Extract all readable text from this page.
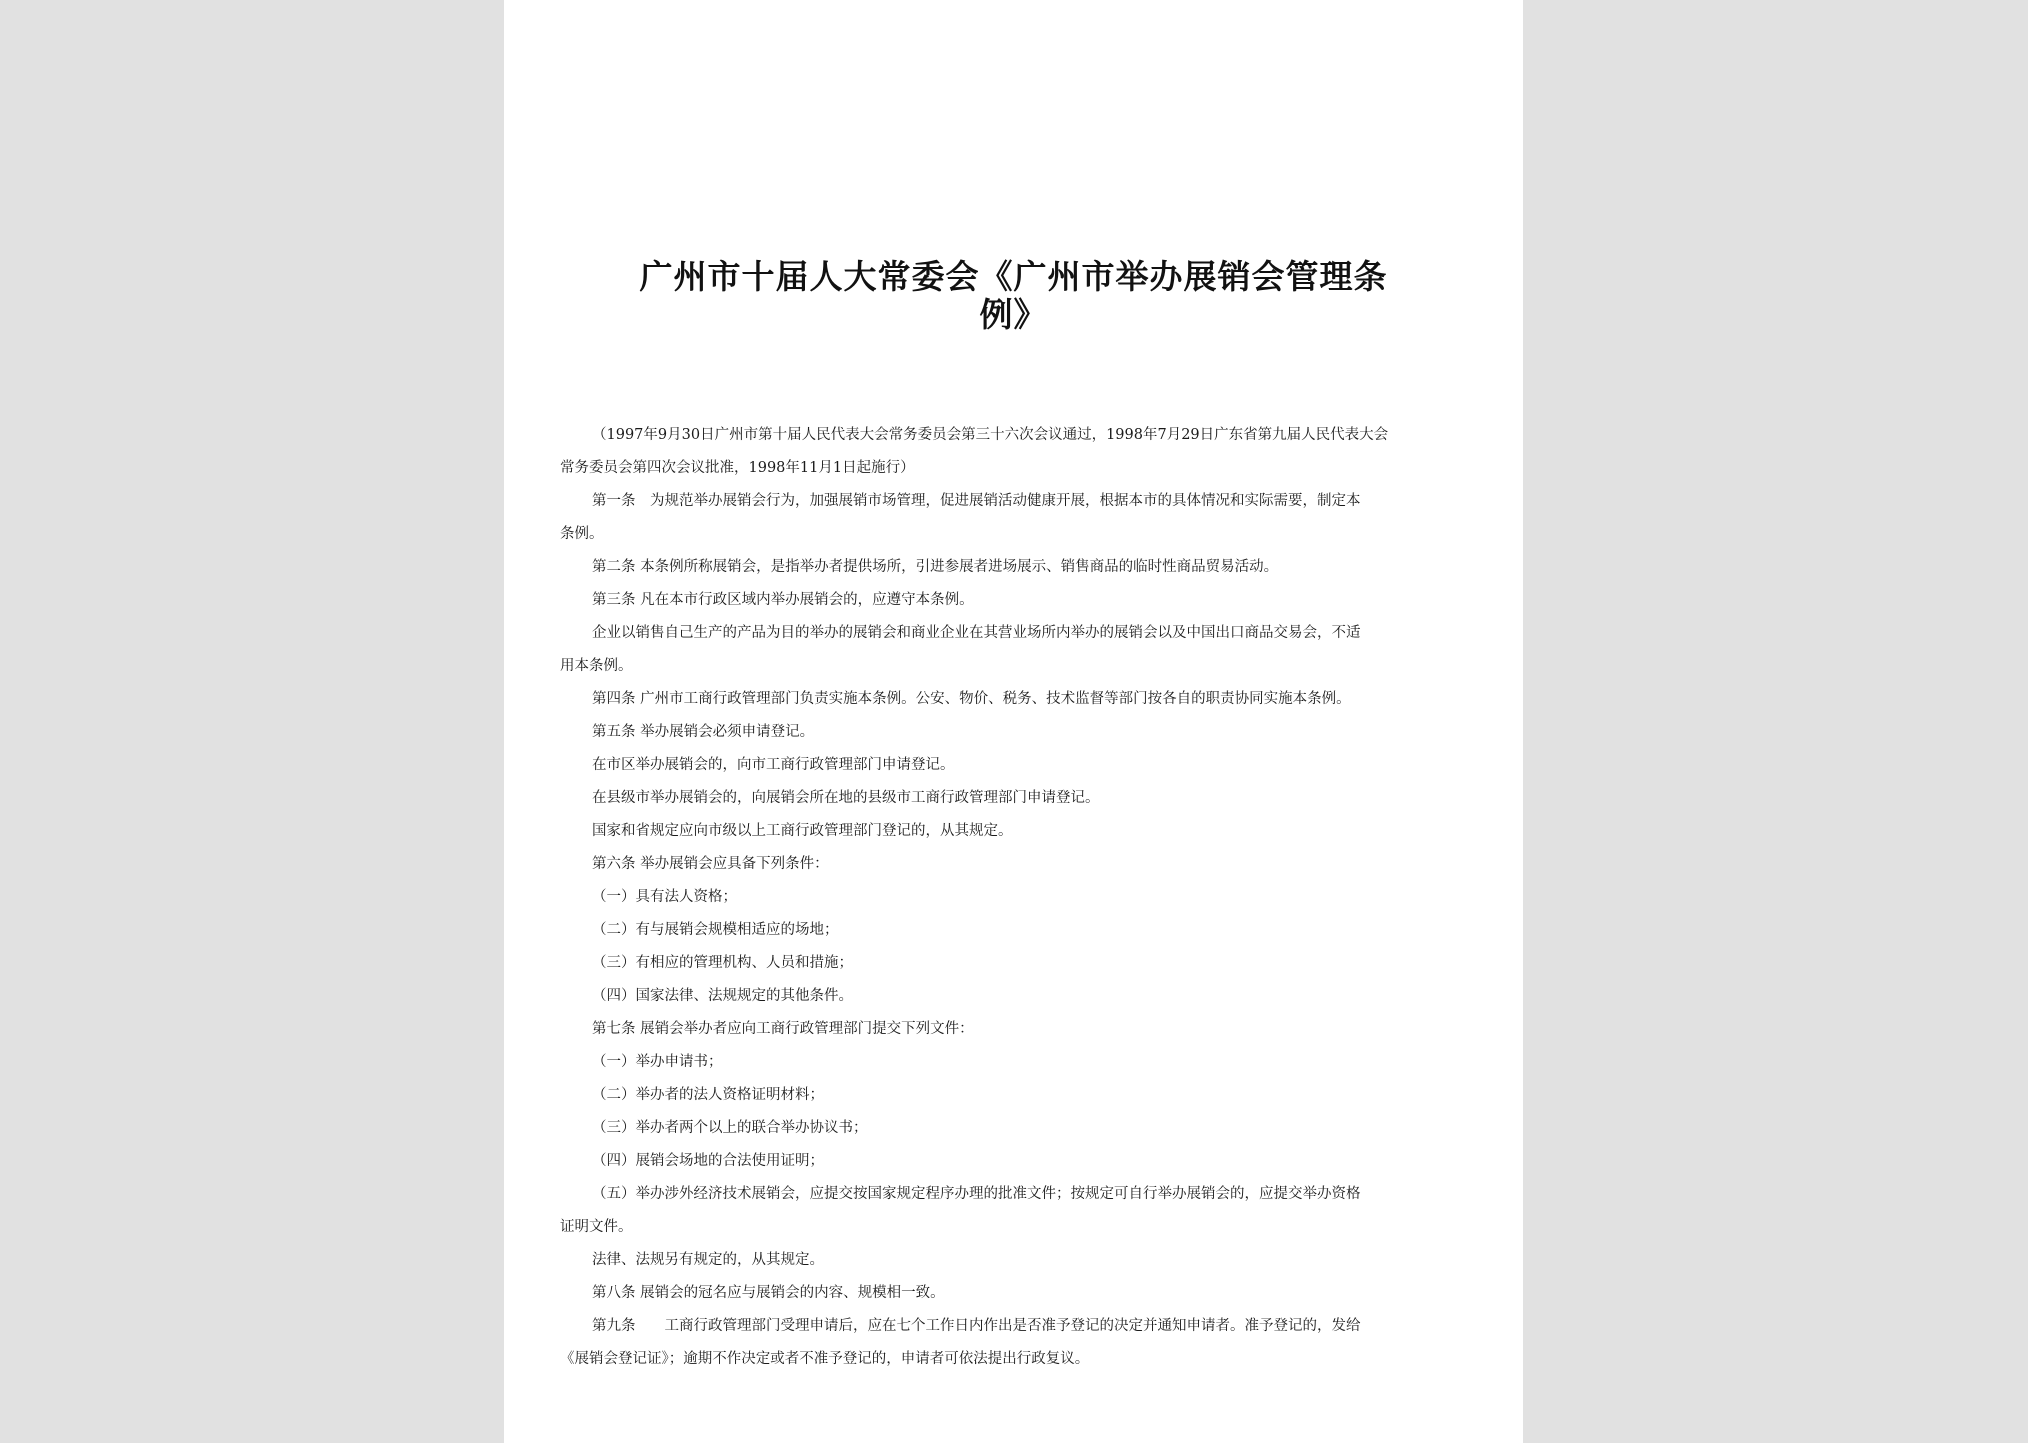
广州市十届人大常委会《广州市举办展销会管理条
例》

（1997年9月30日广州市第十届人民代表大会常务委员会第三十六次会议通过，1998年7月29日广东省第九届人民代表大会

常务委员会第四次会议批准，1998年11月1日起施行）

第一条　为规范举办展销会行为，加强展销市场管理，促进展销活动健康开展，根据本市的具体情况和实际需要，制定本

条例。

第二条 本条例所称展销会，是指举办者提供场所，引进参展者进场展示、销售商品的临时性商品贸易活动。

第三条 凡在本市行政区域内举办展销会的，应遵守本条例。

企业以销售自己生产的产品为目的举办的展销会和商业企业在其营业场所内举办的展销会以及中国出口商品交易会，不适

用本条例。

第四条 广州市工商行政管理部门负责实施本条例。公安、物价、税务、技术监督等部门按各自的职责协同实施本条例。

第五条 举办展销会必须申请登记。

在市区举办展销会的，向市工商行政管理部门申请登记。

在县级市举办展销会的，向展销会所在地的县级市工商行政管理部门申请登记。

国家和省规定应向市级以上工商行政管理部门登记的，从其规定。

第六条 举办展销会应具备下列条件：

（一）具有法人资格；

（二）有与展销会规模相适应的场地；

（三）有相应的管理机构、人员和措施；

（四）国家法律、法规规定的其他条件。

第七条 展销会举办者应向工商行政管理部门提交下列文件：

（一）举办申请书；

（二）举办者的法人资格证明材料；

（三）举办者两个以上的联合举办协议书；

（四）展销会场地的合法使用证明；

（五）举办涉外经济技术展销会，应提交按国家规定程序办理的批准文件；按规定可自行举办展销会的，应提交举办资格

证明文件。

法律、法规另有规定的，从其规定。

第八条 展销会的冠名应与展销会的内容、规模相一致。

第九条　　工商行政管理部门受理申请后，应在七个工作日内作出是否准予登记的决定并通知申请者。准予登记的，发给

《展销会登记证》；逾期不作决定或者不准予登记的，申请者可依法提出行政复议。
